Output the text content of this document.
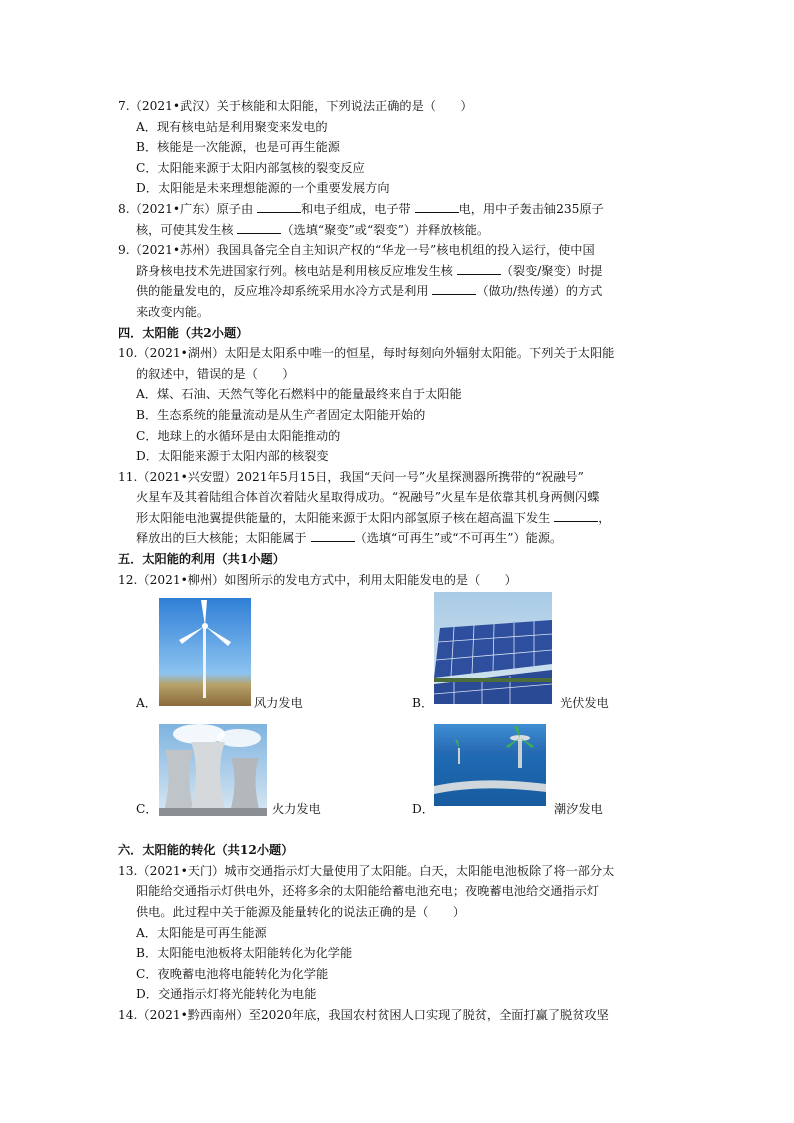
7.（2021•武汉）关于核能和太阳能，下列说法正确的是（　　）
A．现有核电站是利用聚变来发电的
B．核能是一次能源，也是可再生能源
C．太阳能来源于太阳内部氢核的裂变反应
D．太阳能是未来理想能源的一个重要发展方向
8.（2021•广东）原子由	和电子组成，电子带	电，用中子轰击铀235原子
核，可使其发生核	（选填“聚变”或“裂变”）并释放核能。
9.（2021•苏州）我国具备完全自主知识产权的“华龙一号”核电机组的投入运行，使中国
跻身核电技术先进国家行列。核电站是利用核反应堆发生核	（裂变/聚变）时提
供的能量发电的，反应堆冷却系统采用水冷方式是利用	（做功/热传递）的方式
来改变内能。
四．太阳能（共2小题）
10.（2021•湖州）太阳是太阳系中唯一的恒星，每时每刻向外辐射太阳能。下列关于太阳能
的叙述中，错误的是（　　）
A．煤、石油、天然气等化石燃料中的能量最终来自于太阳能
B．生态系统的能量流动是从生产者固定太阳能开始的
C．地球上的水循环是由太阳能推动的
D．太阳能来源于太阳内部的核裂变
11.（2021•兴安盟）2021年5月15日，我国“天问一号”火星探测器所携带的“祝融号”
火星车及其着陆组合体首次着陆火星取得成功。“祝融号”火星车是依靠其机身两侧闪蝶
形太阳能电池翼提供能量的，太阳能来源于太阳内部氢原子核在超高温下发生	，
释放出的巨大核能；太阳能属于	（选填“可再生”或“不可再生”）能源。
五．太阳能的利用（共1小题）
12.（2021•柳州）如图所示的发电方式中，利用太阳能发电的是（　　）
A．	风力发电	B．	光伏发电
C．	火力发电	D．	潮汐发电
六．太阳能的转化（共12小题）
13.（2021•天门）城市交通指示灯大量使用了太阳能。白天，太阳能电池板除了将一部分太
阳能给交通指示灯供电外，还将多余的太阳能给蓄电池充电；夜晚蓄电池给交通指示灯
供电。此过程中关于能源及能量转化的说法正确的是（　　）
A．太阳能是可再生能源
B．太阳能电池板将太阳能转化为化学能
C．夜晚蓄电池将电能转化为化学能
D．交通指示灯将光能转化为电能
14.（2021•黔西南州）至2020年底，我国农村贫困人口实现了脱贫，全面打赢了脱贫攻坚
